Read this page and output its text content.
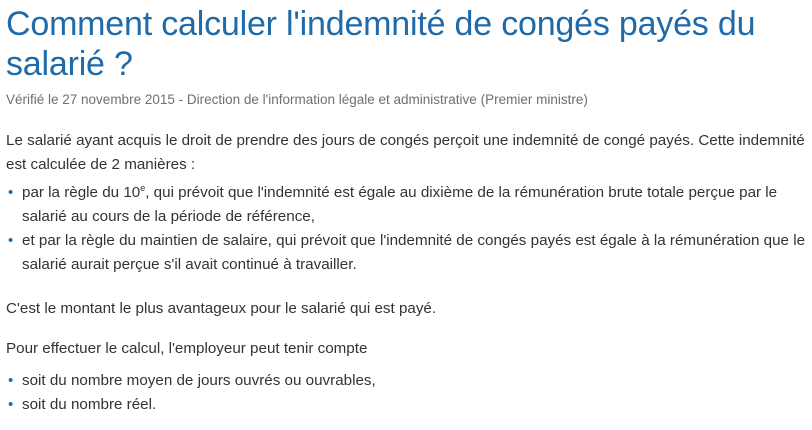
Comment calculer l'indemnité de congés payés du salarié ?
Vérifié le 27 novembre 2015 - Direction de l'information légale et administrative (Premier ministre)

Le salarié ayant acquis le droit de prendre des jours de congés perçoit une indemnité de congé payés. Cette indemnité est calculée de 2 manières :

• par la règle du 10e, qui prévoit que l'indemnité est égale au dixième de la rémunération brute totale perçue par le salarié au cours de la période de référence,
• et par la règle du maintien de salaire, qui prévoit que l'indemnité de congés payés est égale à la rémunération que le salarié aurait perçue s'il avait continué à travailler.

C'est le montant le plus avantageux pour le salarié qui est payé.

Pour effectuer le calcul, l'employeur peut tenir compte

• soit du nombre moyen de jours ouvrés ou ouvrables,
• soit du nombre réel.
